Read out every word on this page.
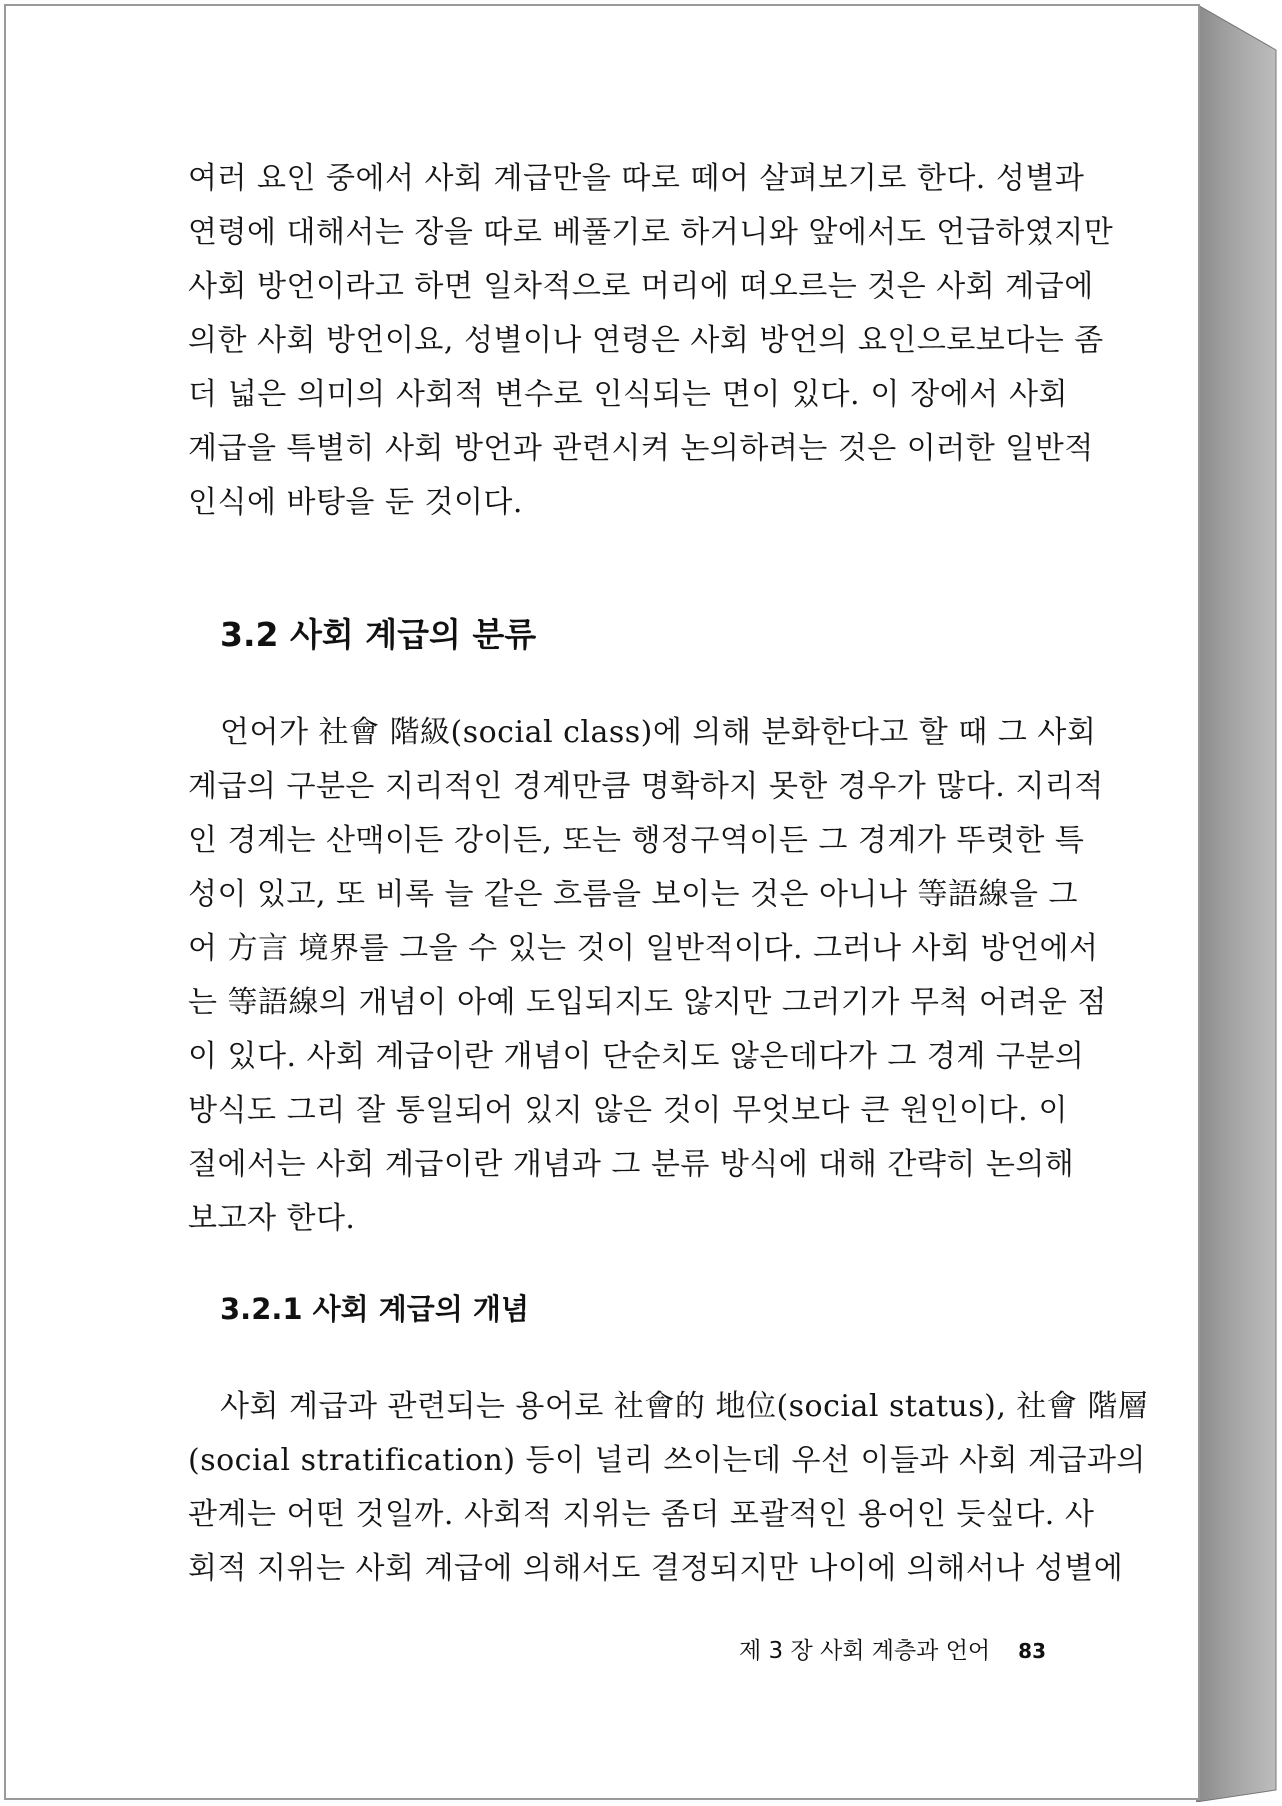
여러 요인 중에서 사회 계급만을 따로 떼어 살펴보기로 한다. 성별과
연령에 대해서는 장을 따로 베풀기로 하거니와 앞에서도 언급하였지만
사회 방언이라고 하면 일차적으로 머리에 떠오르는 것은 사회 계급에
의한 사회 방언이요, 성별이나 연령은 사회 방언의 요인으로보다는 좀
더 넓은 의미의 사회적 변수로 인식되는 면이 있다. 이 장에서 사회
계급을 특별히 사회 방언과 관련시켜 논의하려는 것은 이러한 일반적
인식에 바탕을 둔 것이다.

3.2 사회 계급의 분류

언어가 社會 階級(social class)에 의해 분화한다고 할 때 그 사회
계급의 구분은 지리적인 경계만큼 명확하지 못한 경우가 많다. 지리적
인 경계는 산맥이든 강이든, 또는 행정구역이든 그 경계가 뚜렷한 특
성이 있고, 또 비록 늘 같은 흐름을 보이는 것은 아니나 等語線을 그
어 方言 境界를 그을 수 있는 것이 일반적이다. 그러나 사회 방언에서
는 等語線의 개념이 아예 도입되지도 않지만 그러기가 무척 어려운 점
이 있다. 사회 계급이란 개념이 단순치도 않은데다가 그 경계 구분의
방식도 그리 잘 통일되어 있지 않은 것이 무엇보다 큰 원인이다. 이
절에서는 사회 계급이란 개념과 그 분류 방식에 대해 간략히 논의해
보고자 한다.

3.2.1 사회 계급의 개념

사회 계급과 관련되는 용어로 社會的 地位(social status), 社會 階層
(social stratification) 등이 널리 쓰이는데 우선 이들과 사회 계급과의
관계는 어떤 것일까. 사회적 지위는 좀더 포괄적인 용어인 듯싶다. 사
회적 지위는 사회 계급에 의해서도 결정되지만 나이에 의해서나 성별에

제 3 장 사회 계층과 언어 83
